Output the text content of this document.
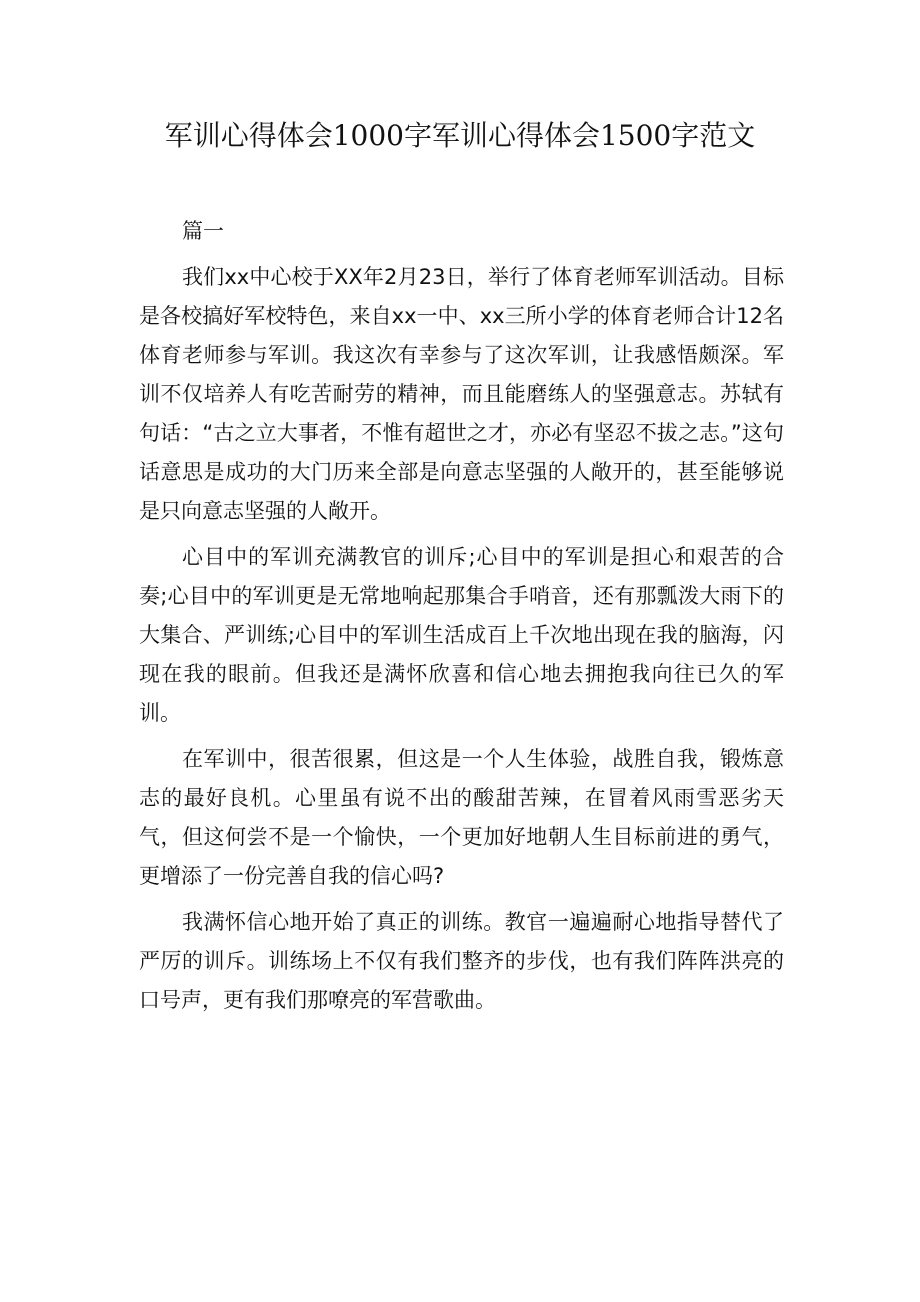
军训心得体会1000字军训心得体会1500字范文

篇一

我们xx中心校于XX年2月23日，举行了体育老师军训活动。目标是各校搞好军校特色，来自xx一中、xx三所小学的体育老师合计12名体育老师参与军训。我这次有幸参与了这次军训，让我感悟颇深。军训不仅培养人有吃苦耐劳的精神，而且能磨练人的坚强意志。苏轼有句话：“古之立大事者，不惟有超世之才，亦必有坚忍不拔之志。”这句话意思是成功的大门历来全部是向意志坚强的人敞开的，甚至能够说是只向意志坚强的人敞开。

心目中的军训充满教官的训斥;心目中的军训是担心和艰苦的合奏;心目中的军训更是无常地响起那集合手哨音，还有那瓢泼大雨下的大集合、严训练;心目中的军训生活成百上千次地出现在我的脑海，闪现在我的眼前。但我还是满怀欣喜和信心地去拥抱我向往已久的军训。

在军训中，很苦很累，但这是一个人生体验，战胜自我，锻炼意志的最好良机。心里虽有说不出的酸甜苦辣，在冒着风雨雪恶劣天气，但这何尝不是一个愉快，一个更加好地朝人生目标前进的勇气，更增添了一份完善自我的信心吗?

我满怀信心地开始了真正的训练。教官一遍遍耐心地指导替代了严厉的训斥。训练场上不仅有我们整齐的步伐，也有我们阵阵洪亮的口号声，更有我们那嘹亮的军营歌曲。
